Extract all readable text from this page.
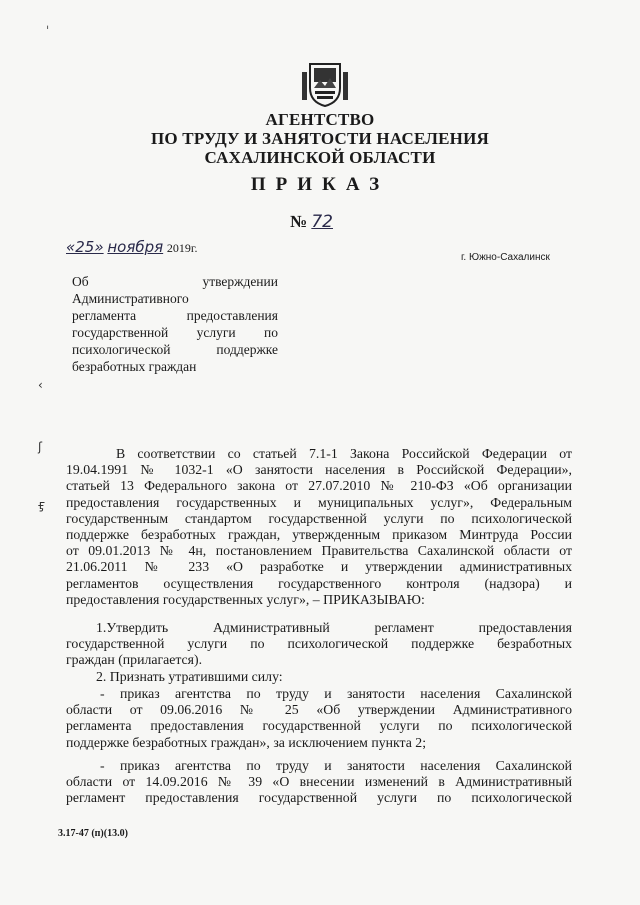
АГЕНТСТВО
ПО ТРУДУ И ЗАНЯТОСТИ НАСЕЛЕНИЯ
САХАЛИНСКОЙ ОБЛАСТИ
ПРИКАЗ
№ 72
«25» ноября 2019г.
г. Южно-Сахалинск
Об	утверждении
Административного
регламента	предоставления
государственной услуги по
психологической	поддержке
безработных граждан
В соответствии со статьей 7.1-1 Закона Российской Федерации от
19.04.1991 № 1032-1 «О занятости населения в Российской Федерации»,
статьей 13 Федерального закона от 27.07.2010 № 210-ФЗ «Об организации
предоставления государственных и муниципальных услуг», Федеральным
государственным стандартом государственной услуги по психологической
поддержке безработных граждан, утвержденным приказом Минтруда России
от 09.01.2013 № 4н, постановлением Правительства Сахалинской области от
21.06.2011 № 233 «О разработке и утверждении административных
регламентов осуществления государственного контроля (надзора) и
предоставления государственных услуг», – ПРИКАЗЫВАЮ:
1.Утвердить Административный регламент предоставления
государственной услуги по психологической поддержке безработных
граждан (прилагается).
2. Признать утратившими силу:
- приказ агентства по труду и занятости населения Сахалинской
области от 09.06.2016 № 25 «Об утверждении Административного
регламента предоставления государственной услуги по психологической
поддержке безработных граждан», за исключением пункта 2;
- приказ агентства по труду и занятости населения Сахалинской
области от 14.09.2016 № 39 «О внесении изменений в Административный
регламент предоставления государственной услуги по психологической
3.17-47 (п)(13.0)
ˈ
‹
ʃ
ӻ
